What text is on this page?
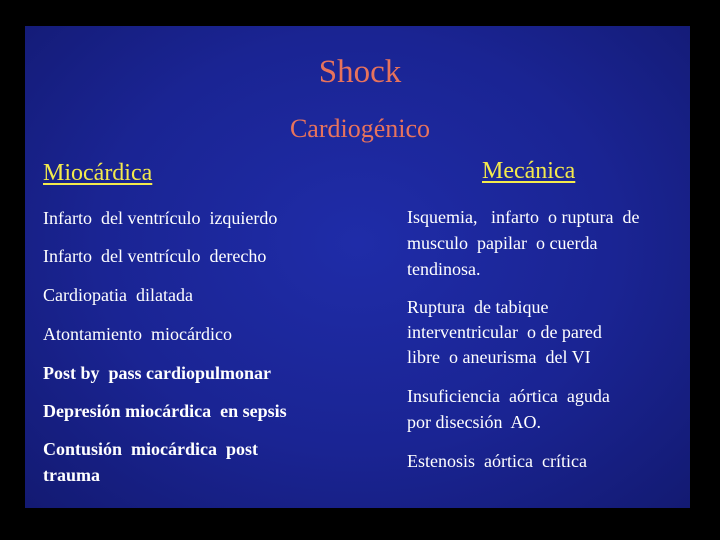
Shock
Cardiogénico
Miocárdica	Mecánica
Infarto  del ventrículo  izquierdo
Infarto  del ventrículo  derecho
Cardiopatia  dilatada
Atontamiento  miocárdico
Post by  pass cardiopulmonar
Depresión miocárdica  en sepsis
Contusión  miocárdica  post
trauma
Isquemia,   infarto  o ruptura  de
musculo  papilar  o cuerda
tendinosa.
Ruptura  de tabique
interventricular  o de pared
libre  o aneurisma  del VI
Insuficiencia  aórtica  aguda
por disecsión  AO.
Estenosis  aórtica  crítica
